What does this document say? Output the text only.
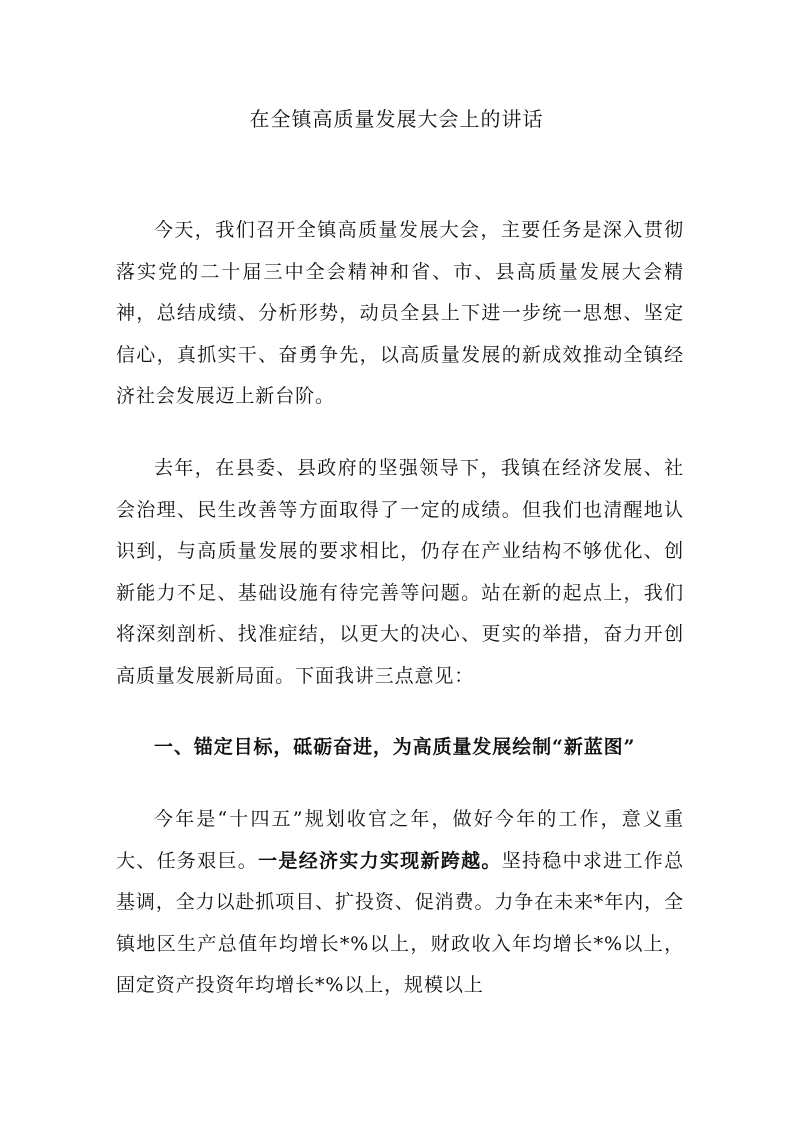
在全镇高质量发展大会上的讲话

今天，我们召开全镇高质量发展大会，主要任务是深入贯彻落实党的二十届三中全会精神和省、市、县高质量发展大会精神，总结成绩、分析形势，动员全县上下进一步统一思想、坚定信心，真抓实干、奋勇争先，以高质量发展的新成效推动全镇经济社会发展迈上新台阶。

去年，在县委、县政府的坚强领导下，我镇在经济发展、社会治理、民生改善等方面取得了一定的成绩。但我们也清醒地认识到，与高质量发展的要求相比，仍存在产业结构不够优化、创新能力不足、基础设施有待完善等问题。站在新的起点上，我们将深刻剖析、找准症结，以更大的决心、更实的举措，奋力开创高质量发展新局面。下面我讲三点意见：

一、锚定目标，砥砺奋进，为高质量发展绘制“新蓝图”

今年是“十四五”规划收官之年，做好今年的工作，意义重大、任务艰巨。一是经济实力实现新跨越。坚持稳中求进工作总基调，全力以赴抓项目、扩投资、促消费。力争在未来*年内，全镇地区生产总值年均增长*%以上，财政收入年均增长*%以上，固定资产投资年均增长*%以上，规模以上
